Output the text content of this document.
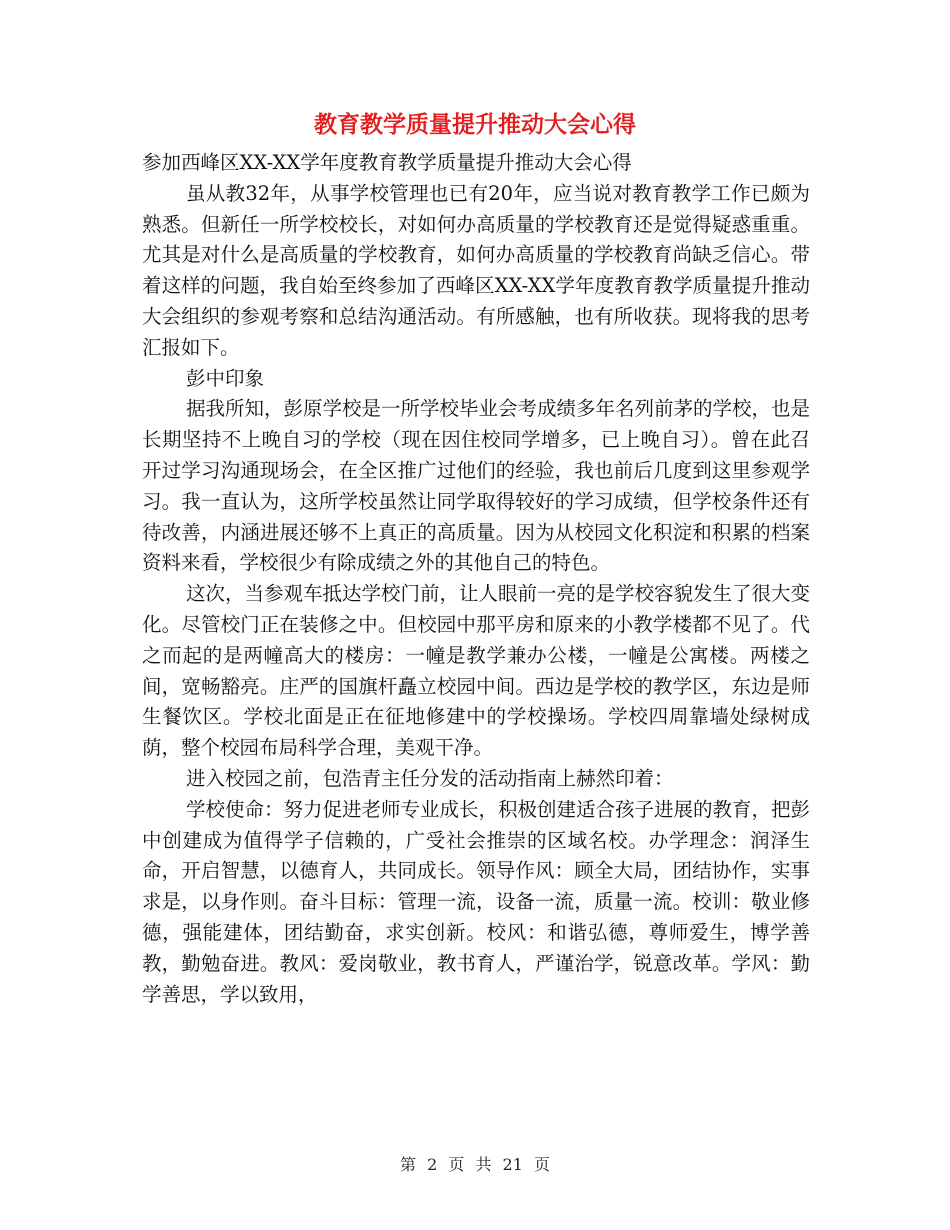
教育教学质量提升推动大会心得

参加西峰区XX-XX学年度教育教学质量提升推动大会心得

虽从教32年，从事学校管理也已有20年，应当说对教育教学工作已颇为熟悉。但新任一所学校校长，对如何办高质量的学校教育还是觉得疑惑重重。尤其是对什么是高质量的学校教育，如何办高质量的学校教育尚缺乏信心。带着这样的问题，我自始至终参加了西峰区XX-XX学年度教育教学质量提升推动大会组织的参观考察和总结沟通活动。有所感触，也有所收获。现将我的思考汇报如下。

彭中印象

据我所知，彭原学校是一所学校毕业会考成绩多年名列前茅的学校，也是长期坚持不上晚自习的学校（现在因住校同学增多，已上晚自习）。曾在此召开过学习沟通现场会，在全区推广过他们的经验，我也前后几度到这里参观学习。我一直认为，这所学校虽然让同学取得较好的学习成绩，但学校条件还有待改善，内涵进展还够不上真正的高质量。因为从校园文化积淀和积累的档案资料来看，学校很少有除成绩之外的其他自己的特色。

这次，当参观车抵达学校门前，让人眼前一亮的是学校容貌发生了很大变化。尽管校门正在装修之中。但校园中那平房和原来的小教学楼都不见了。代之而起的是两幢高大的楼房：一幢是教学兼办公楼，一幢是公寓楼。两楼之间，宽畅豁亮。庄严的国旗杆矗立校园中间。西边是学校的教学区，东边是师生餐饮区。学校北面是正在征地修建中的学校操场。学校四周靠墙处绿树成荫，整个校园布局科学合理，美观干净。

进入校园之前，包浩青主任分发的活动指南上赫然印着：

学校使命：努力促进老师专业成长，积极创建适合孩子进展的教育，把彭中创建成为值得学子信赖的，广受社会推崇的区域名校。办学理念：润泽生命，开启智慧，以德育人，共同成长。领导作风：顾全大局，团结协作，实事求是，以身作则。奋斗目标：管理一流，设备一流，质量一流。校训：敬业修德，强能建体，团结勤奋，求实创新。校风：和谐弘德，尊师爱生，博学善教，勤勉奋进。教风：爱岗敬业，教书育人，严谨治学，锐意改革。学风：勤学善思，学以致用，

第 2 页 共 21 页
